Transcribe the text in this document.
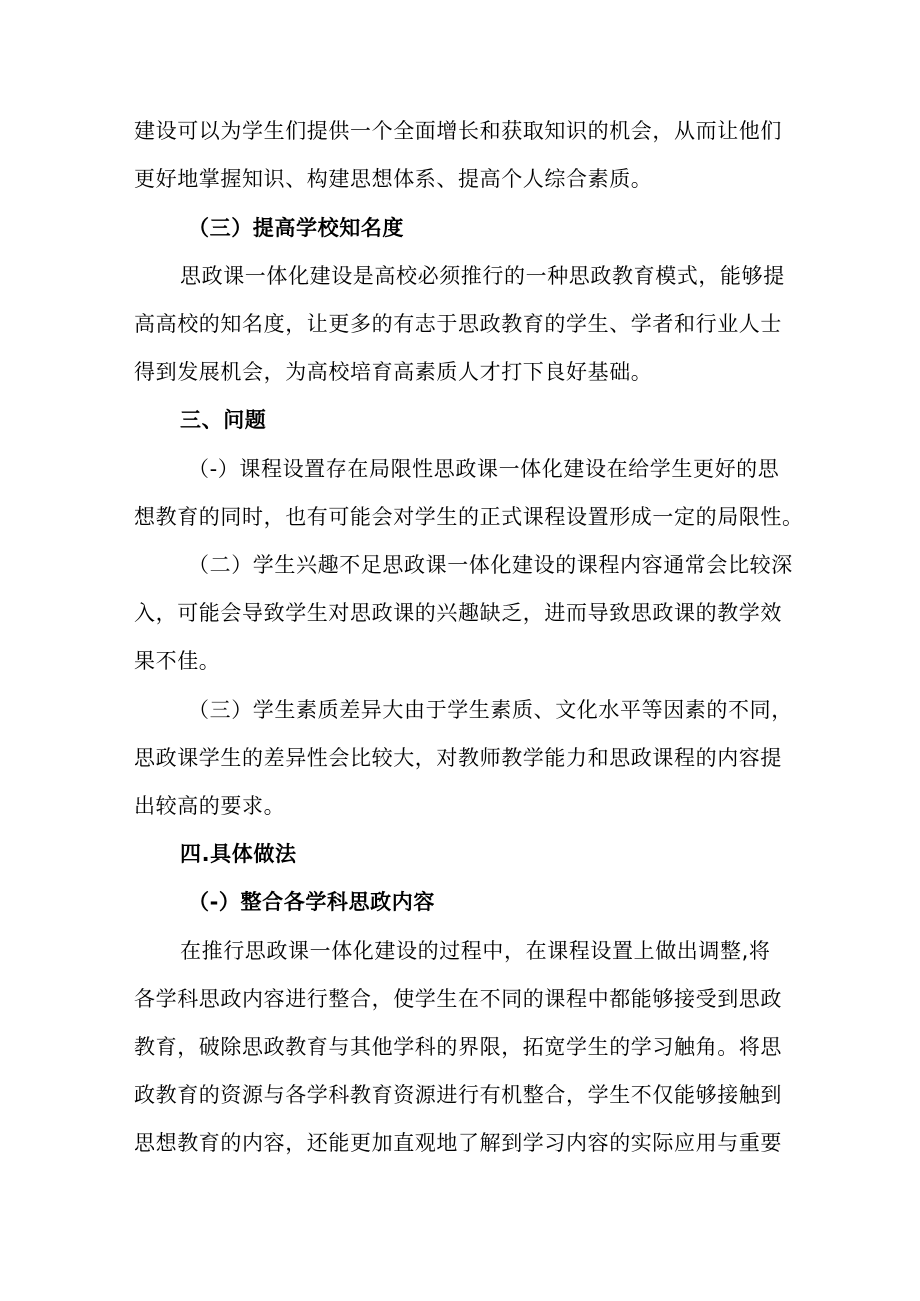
建设可以为学生们提供一个全面增长和获取知识的机会，从而让他们
更好地掌握知识、构建思想体系、提高个人综合素质。
（三）提高学校知名度
思政课一体化建设是高校必须推行的一种思政教育模式，能够提
高高校的知名度，让更多的有志于思政教育的学生、学者和行业人士
得到发展机会，为高校培育高素质人才打下良好基础。
三、问题
（-）课程设置存在局限性思政课一体化建设在给学生更好的思
想教育的同时，也有可能会对学生的正式课程设置形成一定的局限性。
（二）学生兴趣不足思政课一体化建设的课程内容通常会比较深
入，可能会导致学生对思政课的兴趣缺乏，进而导致思政课的教学效
果不佳。
（三）学生素质差异大由于学生素质、文化水平等因素的不同，
思政课学生的差异性会比较大，对教师教学能力和思政课程的内容提
出较高的要求。
四.具体做法
（-）整合各学科思政内容
在推行思政课一体化建设的过程中，在课程设置上做出调整,将
各学科思政内容进行整合，使学生在不同的课程中都能够接受到思政
教育，破除思政教育与其他学科的界限，拓宽学生的学习触角。将思
政教育的资源与各学科教育资源进行有机整合，学生不仅能够接触到
思想教育的内容，还能更加直观地了解到学习内容的实际应用与重要
